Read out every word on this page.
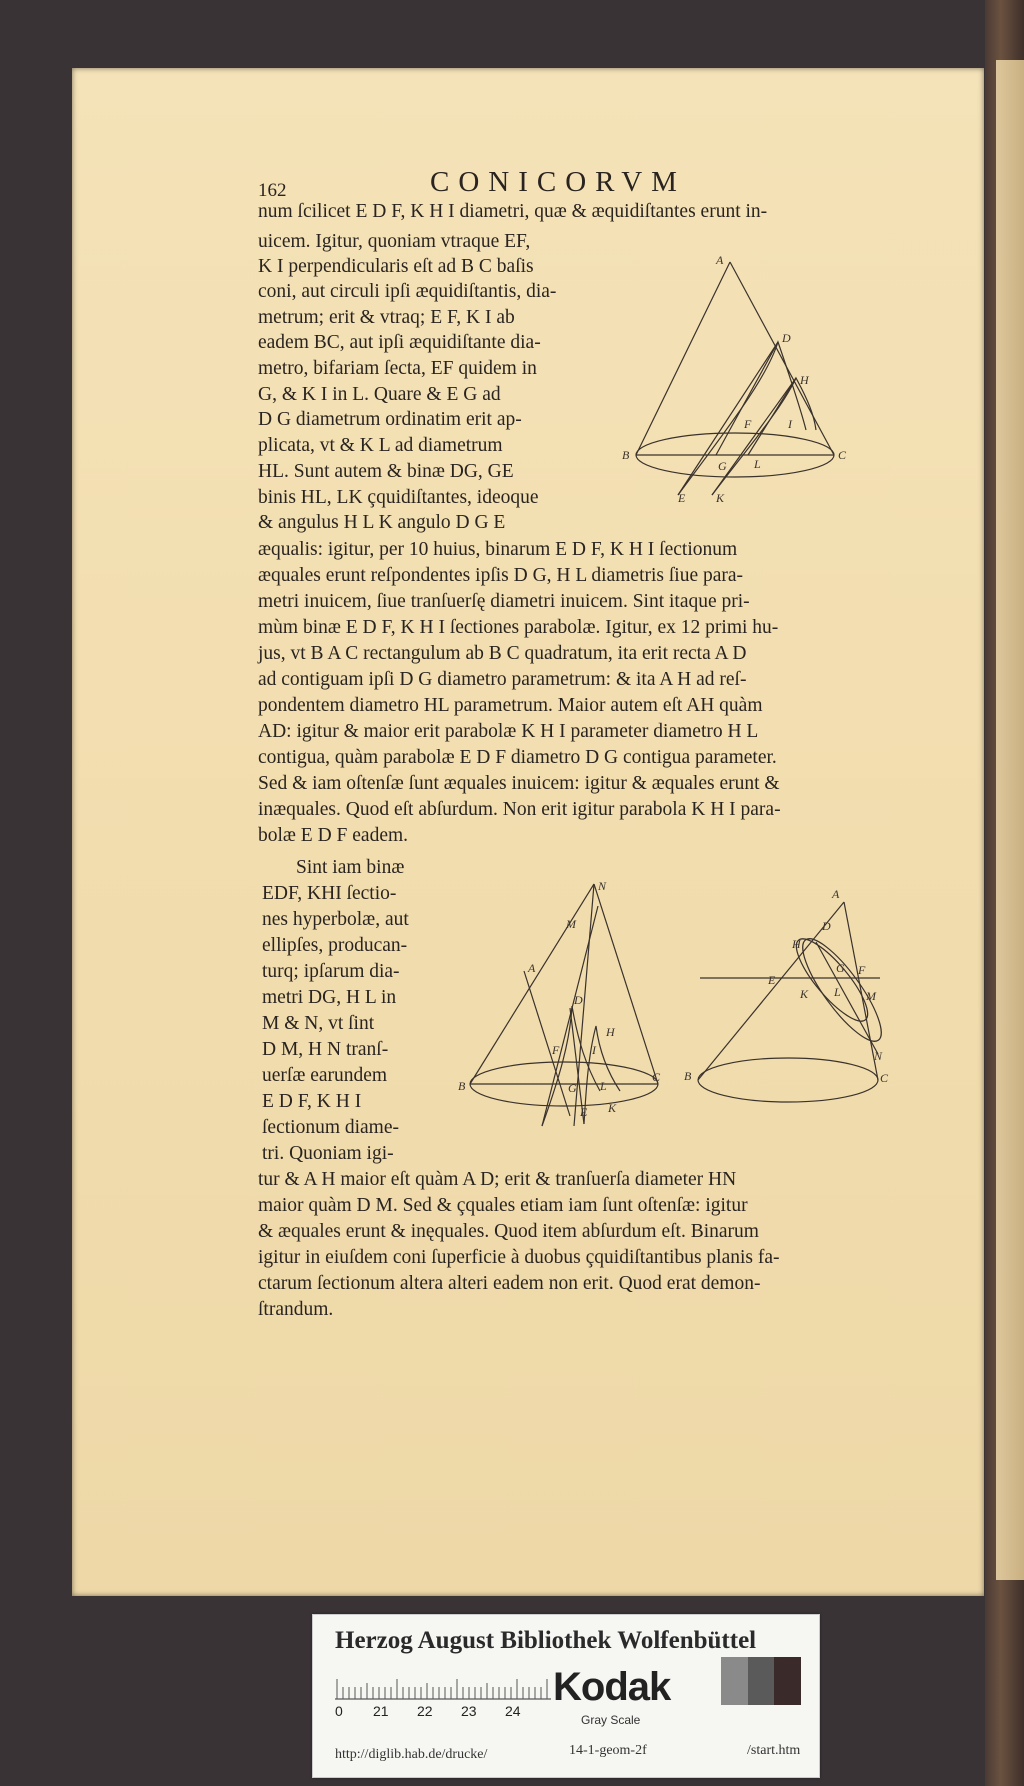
162	CONICORVM
num ſcilicet E D F, K H I diametri, quæ & æquidiſtantes erunt in-
uicem. Igitur, quoniam vtraque EF,
K I perpendicularis eſt ad B C baſis
coni, aut circuli ipſi æquidiſtantis, dia-
metrum; erit & vtraq; E F, K I ab
eadem BC, aut ipſi æquidiſtante dia-
metro, bifariam ſecta, EF quidem in
G, & K I in L. Quare & E G ad
D G diametrum ordinatim erit ap-
plicata, vt & K L ad diametrum
HL. Sunt autem & binæ DG, GE
binis HL, LK çquidiſtantes, ideoque
& angulus H L K angulo D G E
A
B	C
D
H
F	I
G L
E	K
æqualis: igitur, per 10 huius, binarum E D F, K H I ſectionum
æquales erunt reſpondentes ipſis D G, H L diametris ſiue para-
metri inuicem, ſiue tranſuerſę diametri inuicem. Sint itaque pri-
mùm binæ E D F, K H I ſectiones parabolæ. Igitur, ex 12 primi hu-
jus, vt B A C rectangulum ab B C quadratum, ita erit recta A D
ad contiguam ipſi D G diametro parametrum: & ita A H ad reſ-
pondentem diametro HL parametrum. Maior autem eſt AH quàm
AD: igitur & maior erit parabolæ K H I parameter diametro H L
contigua, quàm parabolæ E D F diametro D G contigua parameter.
Sed & iam oſtenſæ ſunt æquales inuicem: igitur & æquales erunt &
inæquales. Quod eſt abſurdum. Non erit igitur parabola K H I para-
bolæ E D F eadem.
Sint iam binæ
EDF, KHI ſectio-
nes hyperbolæ, aut
ellipſes, producan-
turq; ipſarum dia-
metri DG, H L in
M & N, vt ſint
D M, H N tranſ-
uerſæ earundem
E D F, K H I
ſectionum diame-
tri. Quoniam igi-
N
M
A
D
H
B
C
F	I
G L
E K
A
D
H
E
G F
K L M
N
B	C
tur & A H maior eſt quàm A D; erit & tranſuerſa diameter HN
maior quàm D M. Sed & çquales etiam iam ſunt oſtenſæ: igitur
& æquales erunt & inęquales. Quod item abſurdum eſt. Binarum
igitur in eiuſdem coni ſuperficie à duobus çquidiſtantibus planis fa-
ctarum ſectionum altera alteri eadem non erit. Quod erat demon-
ſtrandum.
Herzog August Bibliothek Wolfenbüttel
0 21 22 23 24
Kodak
Gray Scale
http://diglib.hab.de/drucke/	14-1-geom-2f	/start.htm
